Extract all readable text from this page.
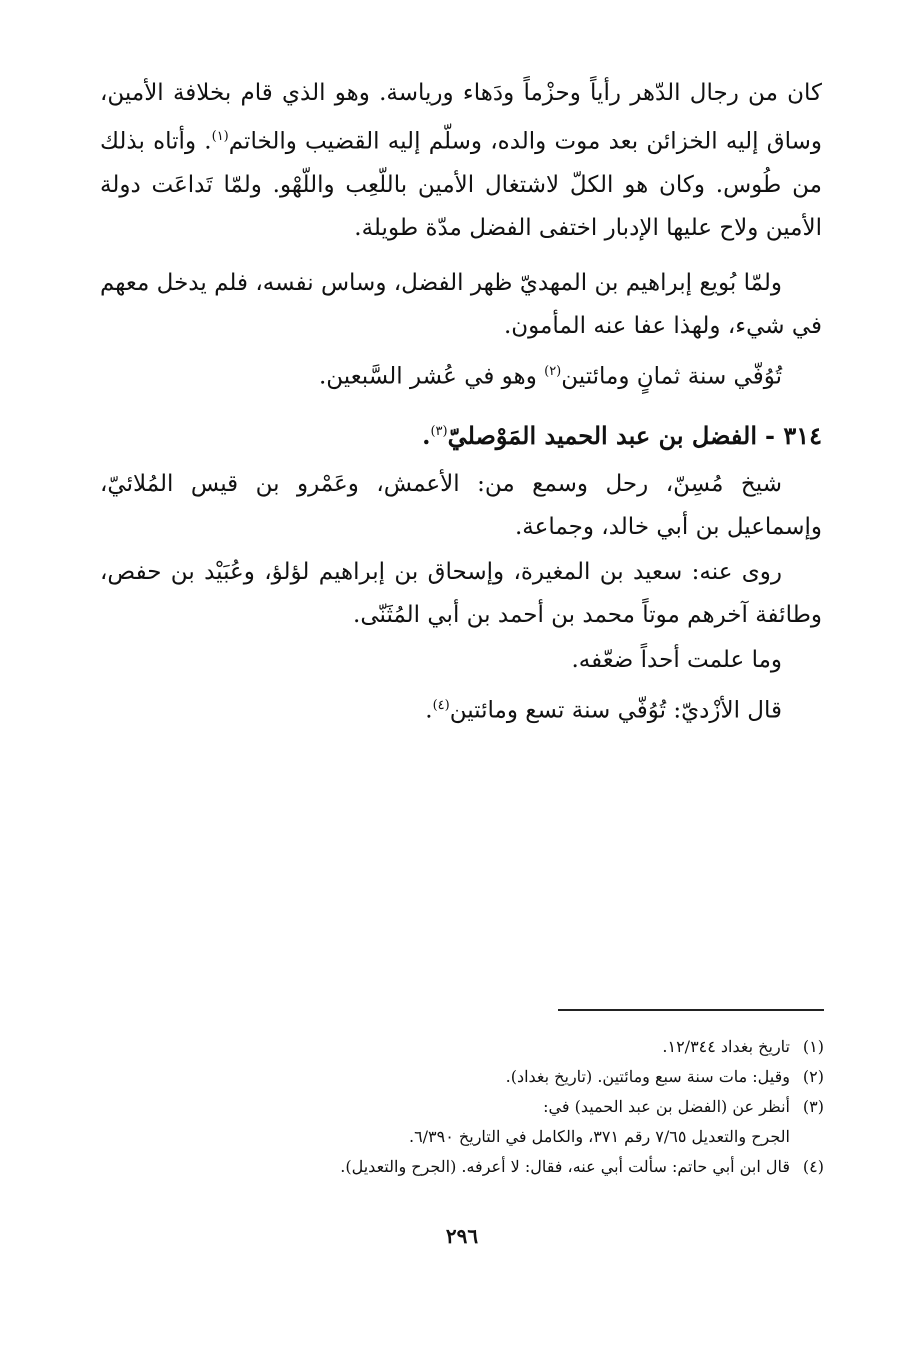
كان من رجال الدّهر رأياً وحزْماً ودَهاء ورياسة. وهو الذي قام بخلافة الأمين، وساق إليه الخزائن بعد موت والده، وسلّم إليه القضيب والخاتم$^{(١)}$. وأتاه بذلك من طُوس. وكان هو الكلّ لاشتغال الأمين باللّعِب واللّهْو. ولمّا تَداعَت دولة الأمين ولاح عليها الإدبار اختفى الفضل مدّة طويلة.

ولمّا بُويع إبراهيم بن المهديّ ظهر الفضل، وساس نفسه، فلم يدخل معهم في شيء، ولهذا عفا عنه المأمون.

تُوُفّي سنة ثمانٍ ومائتين$^{(٢)}$ وهو في عُشر السَّبعين.

٣١٤ -الفضل بن عبد الحميد المَوْصليّ$^{(٣)}$.

شيخ مُسِنّ، رحل وسمع من: الأعمش، وعَمْرو بن قيس المُلائيّ، وإسماعيل بن أبي خالد، وجماعة.

روى عنه: سعيد بن المغيرة، وإسحاق بن إبراهيم لؤلؤ، وعُبَيْد بن حفص، وطائفة آخرهم موتاً محمد بن أحمد بن أبي المُثَنّى.

وما علمت أحداً ضعّفه.

قال الأزْديّ: تُوُفّي سنة تسع ومائتين$^{(٤)}$.

(١)تاريخ بغداد ١٢/٣٤٤.
(٢)وقيل: مات سنة سبع ومائتين. (تاريخ بغداد).
(٣)أنظر عن (الفضل بن عبد الحميد) في:
الجرح والتعديل ٧/٦٥ رقم ٣٧١، والكامل في التاريخ ٦/٣٩٠.
(٤)قال ابن أبي حاتم: سألت أبي عنه، فقال: لا أعرفه. (الجرح والتعديل).
٢٩٦
